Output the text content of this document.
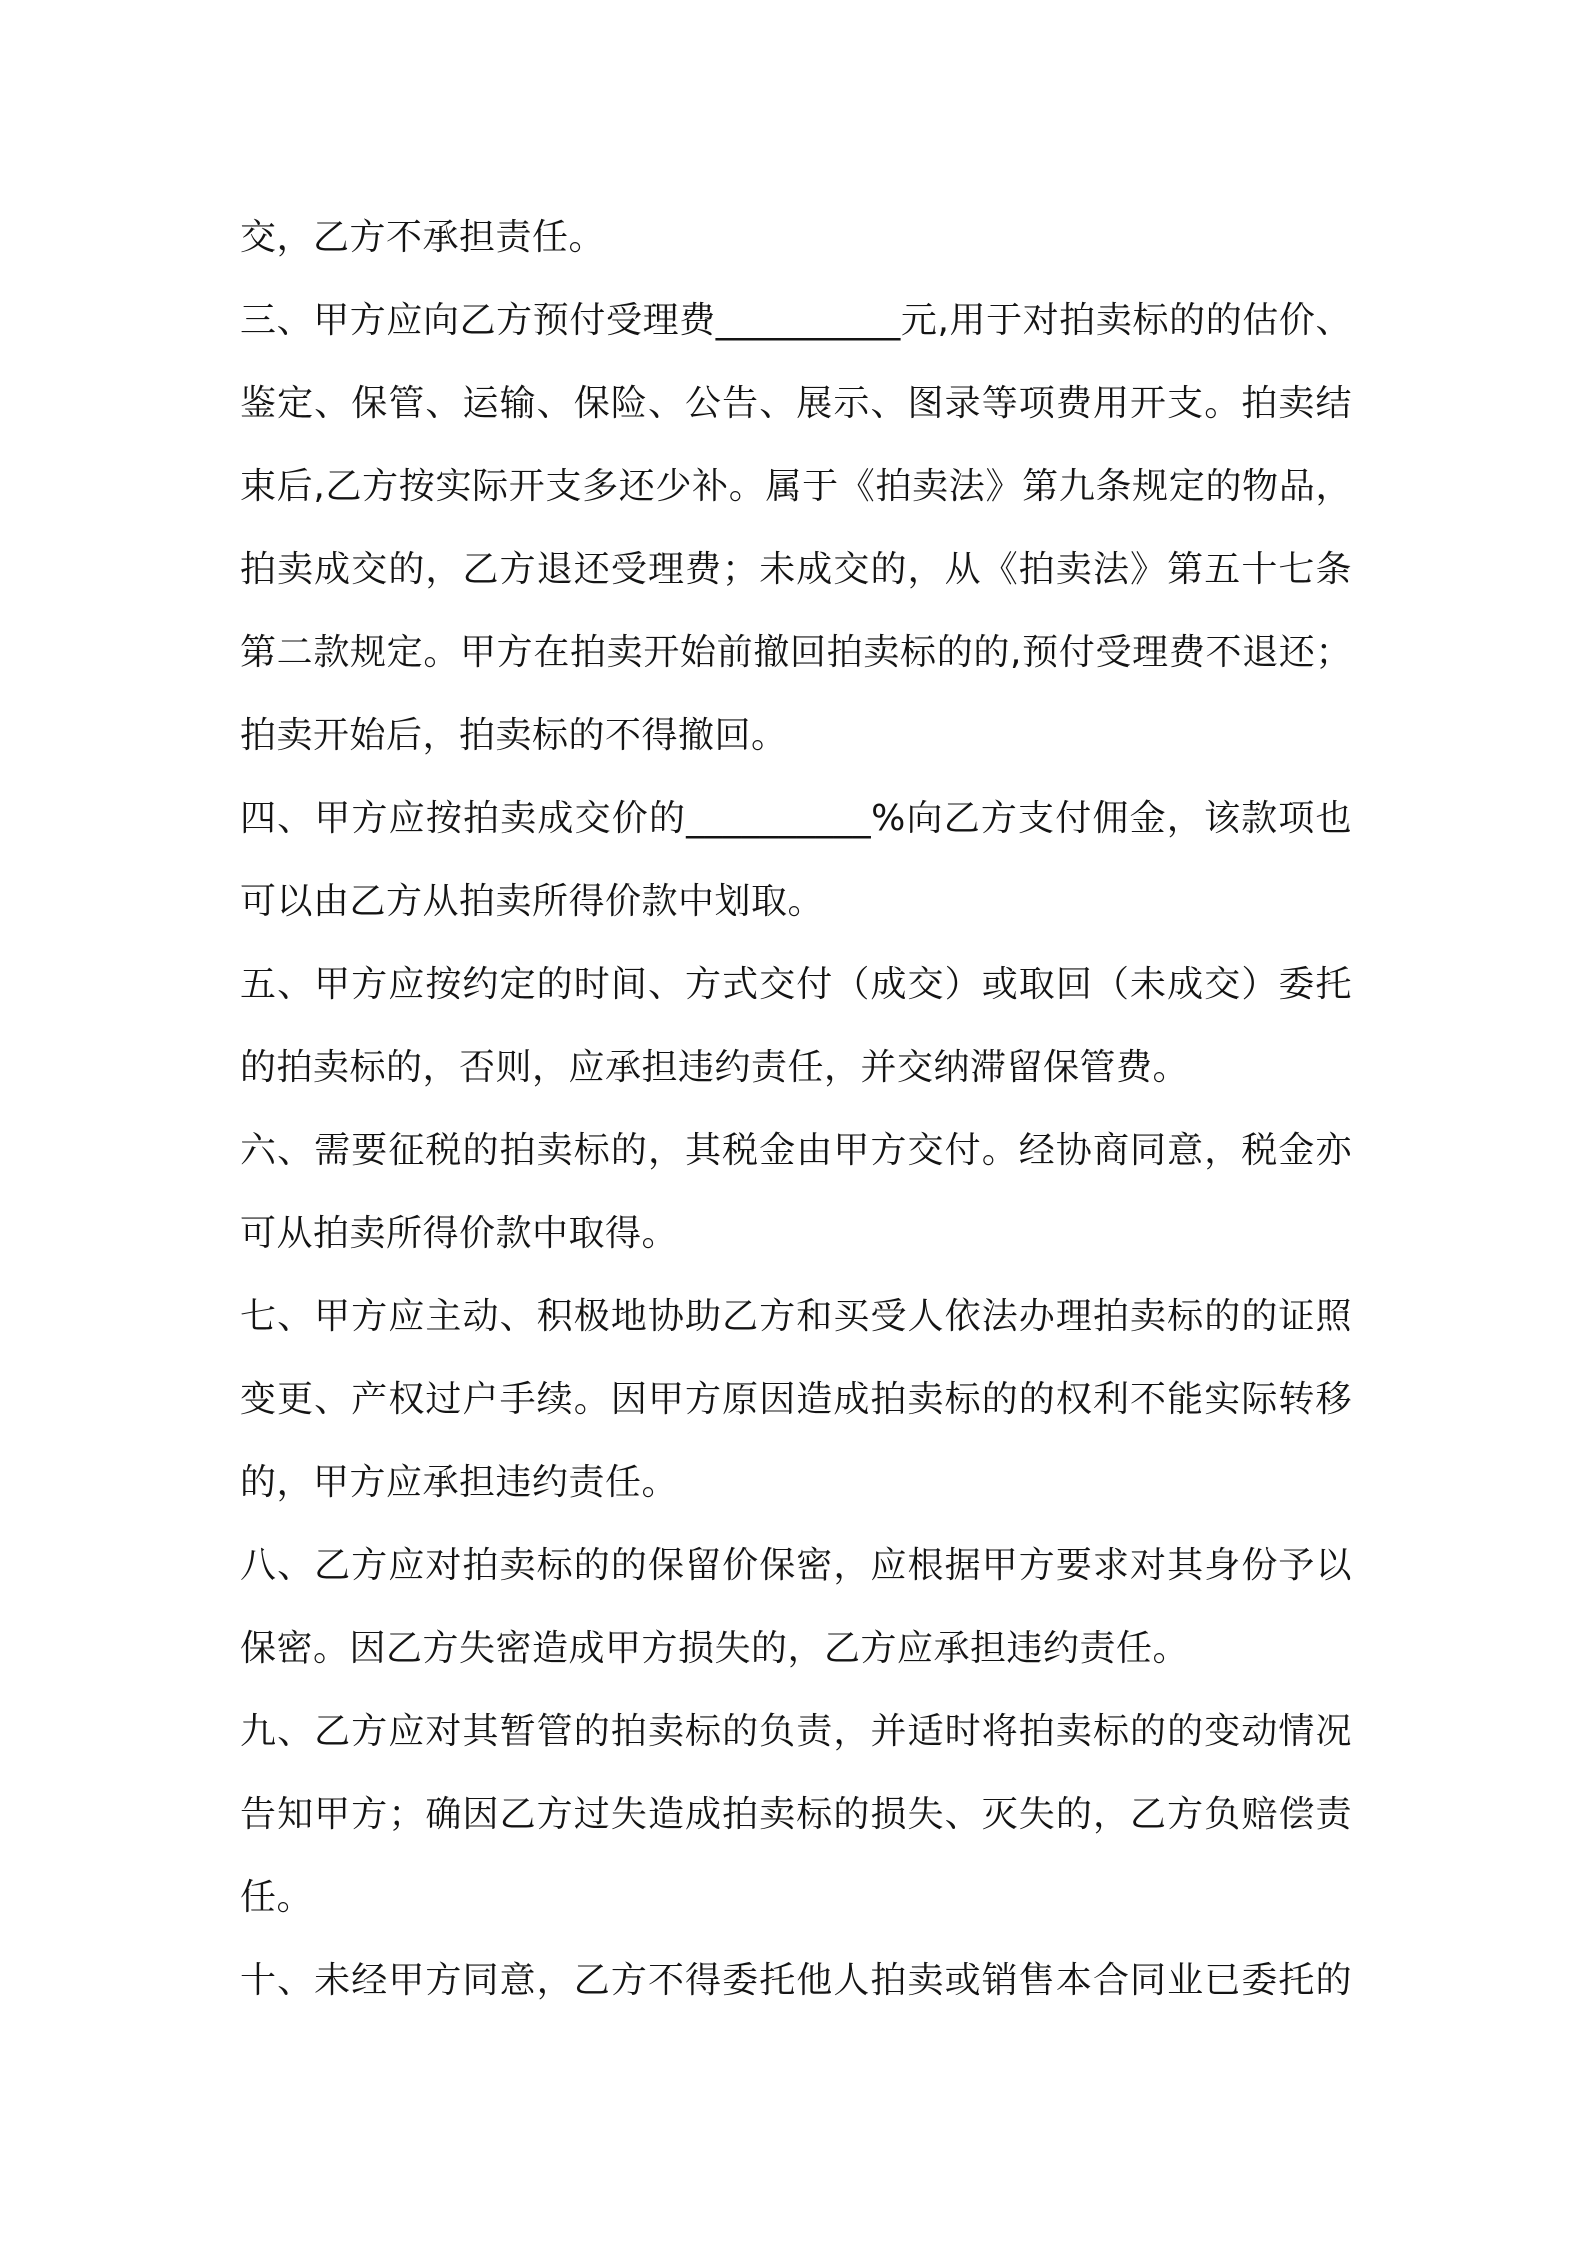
交，乙方不承担责任。
三、甲方应向乙方预付受理费__________元,用于对拍卖标的的估价、
鉴定、保管、运输、保险、公告、展示、图录等项费用开支。拍卖结
束后,乙方按实际开支多还少补。属于《拍卖法》第九条规定的物品，
拍卖成交的，乙方退还受理费；未成交的，从《拍卖法》第五十七条
第二款规定。甲方在拍卖开始前撤回拍卖标的的,预付受理费不退还；
拍卖开始后，拍卖标的不得撤回。
四、甲方应按拍卖成交价的__________%向乙方支付佣金，该款项也
可以由乙方从拍卖所得价款中划取。
五、甲方应按约定的时间、方式交付（成交）或取回（未成交）委托
的拍卖标的，否则，应承担违约责任，并交纳滞留保管费。
六、需要征税的拍卖标的，其税金由甲方交付。经协商同意，税金亦
可从拍卖所得价款中取得。
七、甲方应主动、积极地协助乙方和买受人依法办理拍卖标的的证照
变更、产权过户手续。因甲方原因造成拍卖标的的权利不能实际转移
的，甲方应承担违约责任。
八、乙方应对拍卖标的的保留价保密，应根据甲方要求对其身份予以
保密。因乙方失密造成甲方损失的，乙方应承担违约责任。
九、乙方应对其暂管的拍卖标的负责，并适时将拍卖标的的变动情况
告知甲方；确因乙方过失造成拍卖标的损失、灭失的，乙方负赔偿责
任。
十、未经甲方同意，乙方不得委托他人拍卖或销售本合同业已委托的
